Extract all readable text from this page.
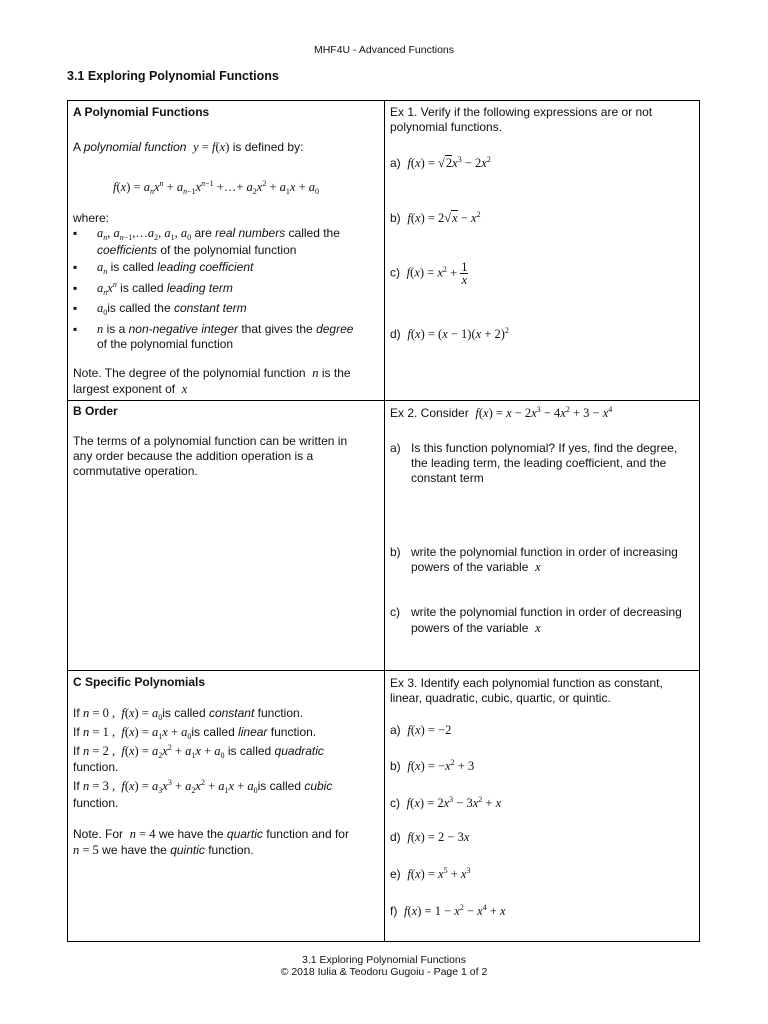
MHF4U - Advanced Functions
3.1 Exploring Polynomial Functions
A Polynomial Functions
A polynomial function y = f(x) is defined by:
$f(x) = a_nx^n + a_{n-1}x^{n-1}$ +…+ $a_2x^2 + a_1x + a_0$
where:
▪ $a_n$, $a_{n-1},\dots a_2$, $a_1$, $a_0$ are real numbers called the
coefficients of the polynomial function
▪ $a_n$ is called leading coefficient
▪ $a_nx^n$ is called leading term
▪ $a_0is$ called the constant term
▪ n is a non-negative integer that gives the degree
of the polynomial function
Note. The degree of the polynomial function n is the
largest exponent of x
Ex 1. Verify if the following expressions are or not
polynomial functions.
a) $f(x) = √2x^3 - 2x^2$
b) $f(x) = 2√x - x^2$
c) $f(x) = x^2 + \frac{1}{x}$
d) $f(x) = (x - 1)(x + 2)^2$
B Order
The terms of a polynomial function can be written in
any order because the addition operation is a
commutative operation.
Ex 2. Consider $f(x) = x - 2x^3 - 4x^2 + 3 - x^4$
a) Is this function polynomial? If yes, find the degree,
the leading term, the leading coefficient, and the
constant term
b) write the polynomial function in order of increasing
powers of the variable x
c) write the polynomial function in order of decreasing
powers of the variable x
C Specific Polynomials
If n = 0 ,  $f(x) = a_0is$ called constant function.
If n = 1 ,  $f(x) = a_1x + a_0is$ called linear function.
If n = 2 ,  $f(x) = a_2x^2 + a_1x + a_0$ is called quadratic
function.
If n = 3 ,  $f(x) = a_3x^3 + a_2x^2 + a_1x + a_0is$ called cubic
function.
Note. For n = 4 we have the quartic function and for
n = 5 we have the quintic function.
Ex 3. Identify each polynomial function as constant,
linear, quadratic, cubic, quartic, or quintic.
a) f(x) = −2
b) $f(x) = -x^2 + 3$
c) $f(x) = 2x^3 - 3x^2 + x$
d) f(x) = 2 − 3x
e) $f(x) = x^5 + x^3$
f) $f(x) = 1 - x^2 - x^4 + x$
3.1 Exploring Polynomial Functions
© 2018 Iulia & Teodoru Gugoiu - Page 1 of 2
